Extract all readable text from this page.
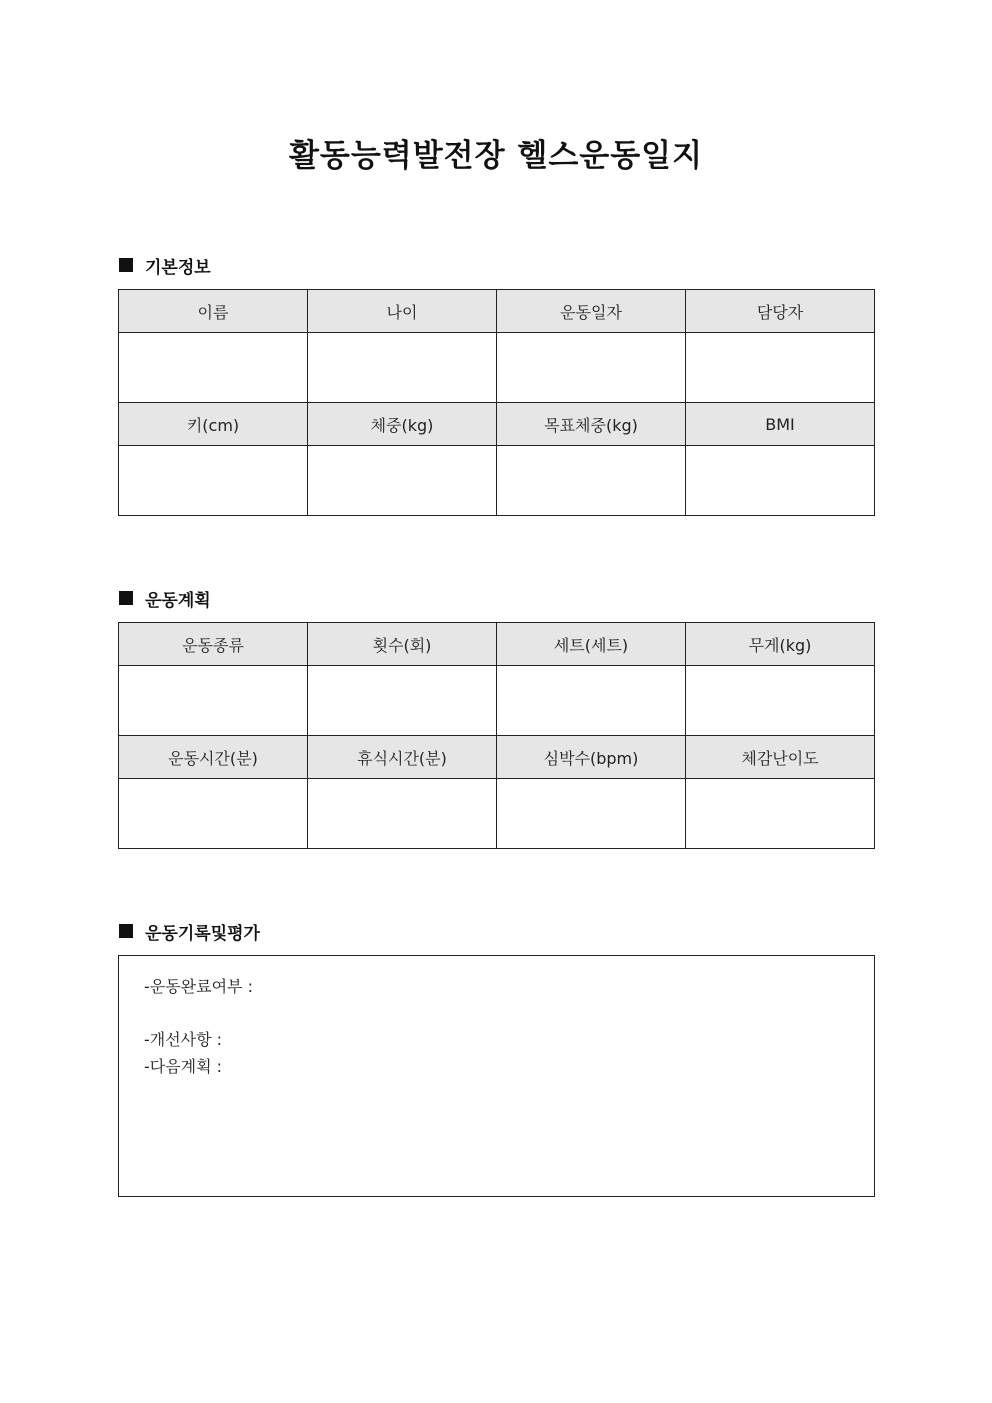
활동능력발전장 헬스운동일지
기본정보
이름	나이	운동일자	담당자

키(cm)	체중(kg)	목표체중(kg)	BMI

운동계획
운동종류	횟수(회)	세트(세트)	무게(kg)

운동시간(분)	휴식시간(분)	심박수(bpm)	체감난이도

운동기록및평가
-운동완료여부 :
-개선사항 :
-다음계획 :
